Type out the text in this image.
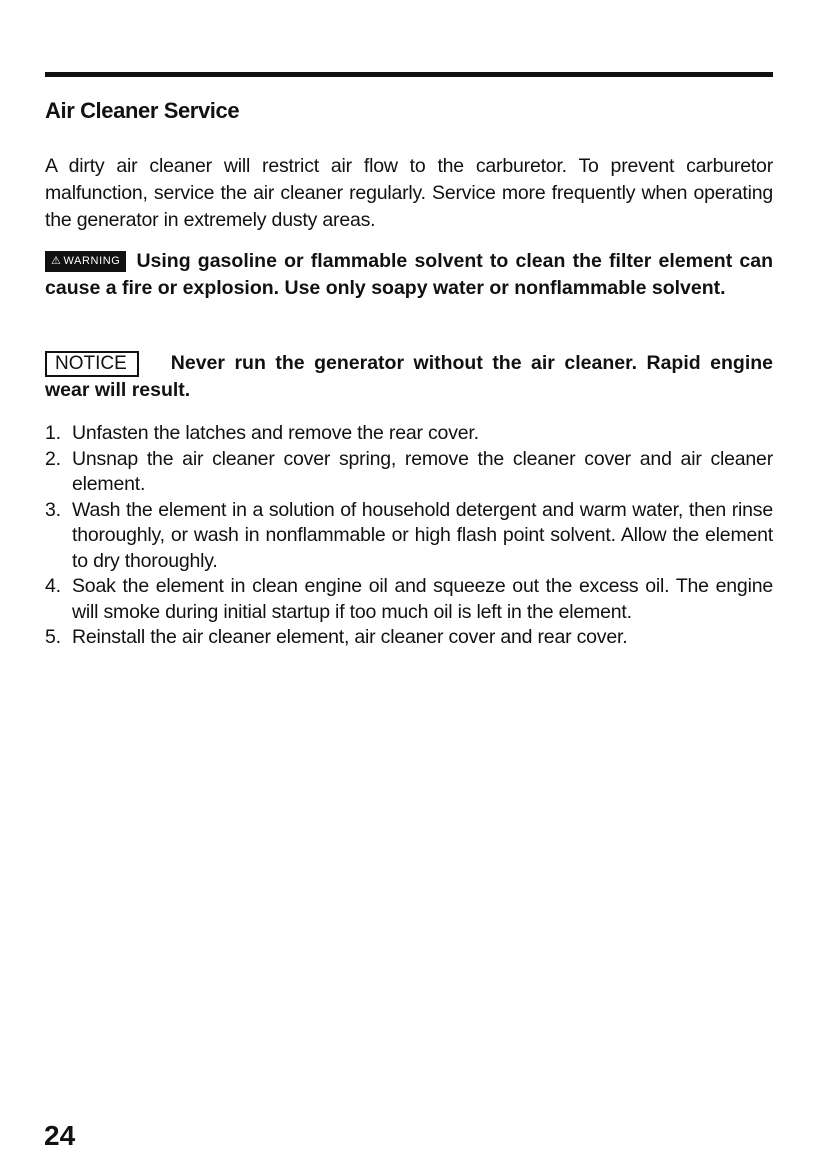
Air Cleaner Service

A dirty air cleaner will restrict air flow to the carburetor. To prevent carburetor malfunction, service the air cleaner regularly. Service more frequently when operating the generator in extremely dusty areas.

⚠ WARNING Using gasoline or flammable solvent to clean the filter element can cause a fire or explosion. Use only soapy water or nonflammable solvent.

NOTICE Never run the generator without the air cleaner. Rapid engine wear will result.

1. Unfasten the latches and remove the rear cover.
2. Unsnap the air cleaner cover spring, remove the cleaner cover and air cleaner element.
3. Wash the element in a solution of household detergent and warm water, then rinse thoroughly, or wash in nonflammable or high flash point solvent. Allow the element to dry thoroughly.
4. Soak the element in clean engine oil and squeeze out the excess oil. The engine will smoke during initial startup if too much oil is left in the element.
5. Reinstall the air cleaner element, air cleaner cover and rear cover.

24
